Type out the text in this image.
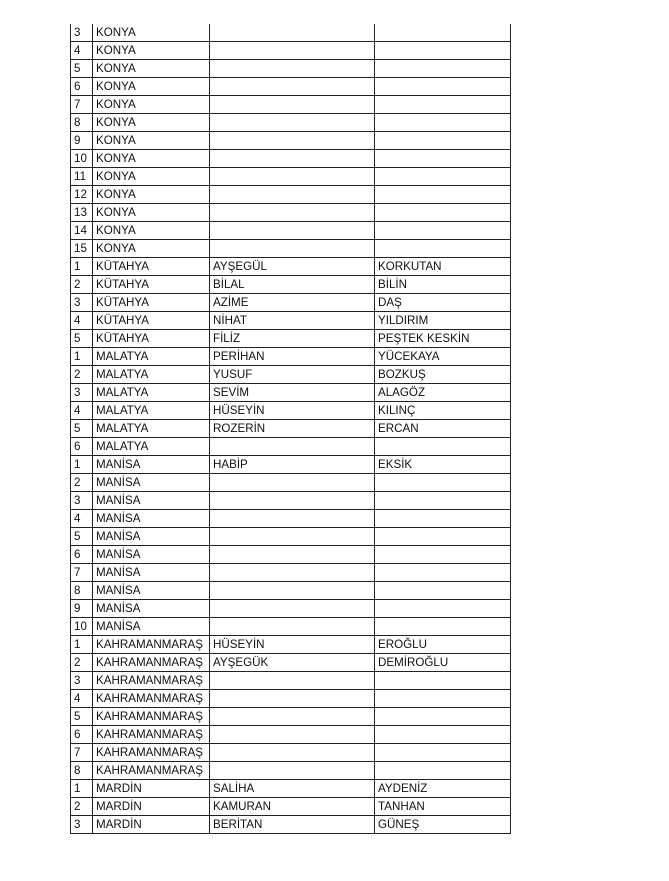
3	KONYA		
4	KONYA		
5	KONYA		
6	KONYA		
7	KONYA		
8	KONYA		
9	KONYA		
10	KONYA		
11	KONYA		
12	KONYA		
13	KONYA		
14	KONYA		
15	KONYA		
1	KÜTAHYA	AYŞEGÜL	KORKUTAN
2	KÜTAHYA	BİLAL	BİLİN
3	KÜTAHYA	AZİME	DAŞ
4	KÜTAHYA	NİHAT	YILDIRIM
5	KÜTAHYA	FİLİZ	PEŞTEK KESKİN
1	MALATYA	PERİHAN	YÜCEKAYA
2	MALATYA	YUSUF	BOZKUŞ
3	MALATYA	SEVİM	ALAGÖZ
4	MALATYA	HÜSEYİN	KILINÇ
5	MALATYA	ROZERİN	ERCAN
6	MALATYA		
1	MANİSA	HABİP	EKSİK
2	MANİSA		
3	MANİSA		
4	MANİSA		
5	MANİSA		
6	MANİSA		
7	MANİSA		
8	MANİSA		
9	MANİSA		
10	MANİSA		
1	KAHRAMANMARAŞ	HÜSEYİN	EROĞLU
2	KAHRAMANMARAŞ	AYŞEGÜK	DEMİROĞLU
3	KAHRAMANMARAŞ		
4	KAHRAMANMARAŞ		
5	KAHRAMANMARAŞ		
6	KAHRAMANMARAŞ		
7	KAHRAMANMARAŞ		
8	KAHRAMANMARAŞ		
1	MARDİN	SALİHA	AYDENİZ
2	MARDİN	KAMURAN	TANHAN
3	MARDİN	BERİTAN	GÜNEŞ
